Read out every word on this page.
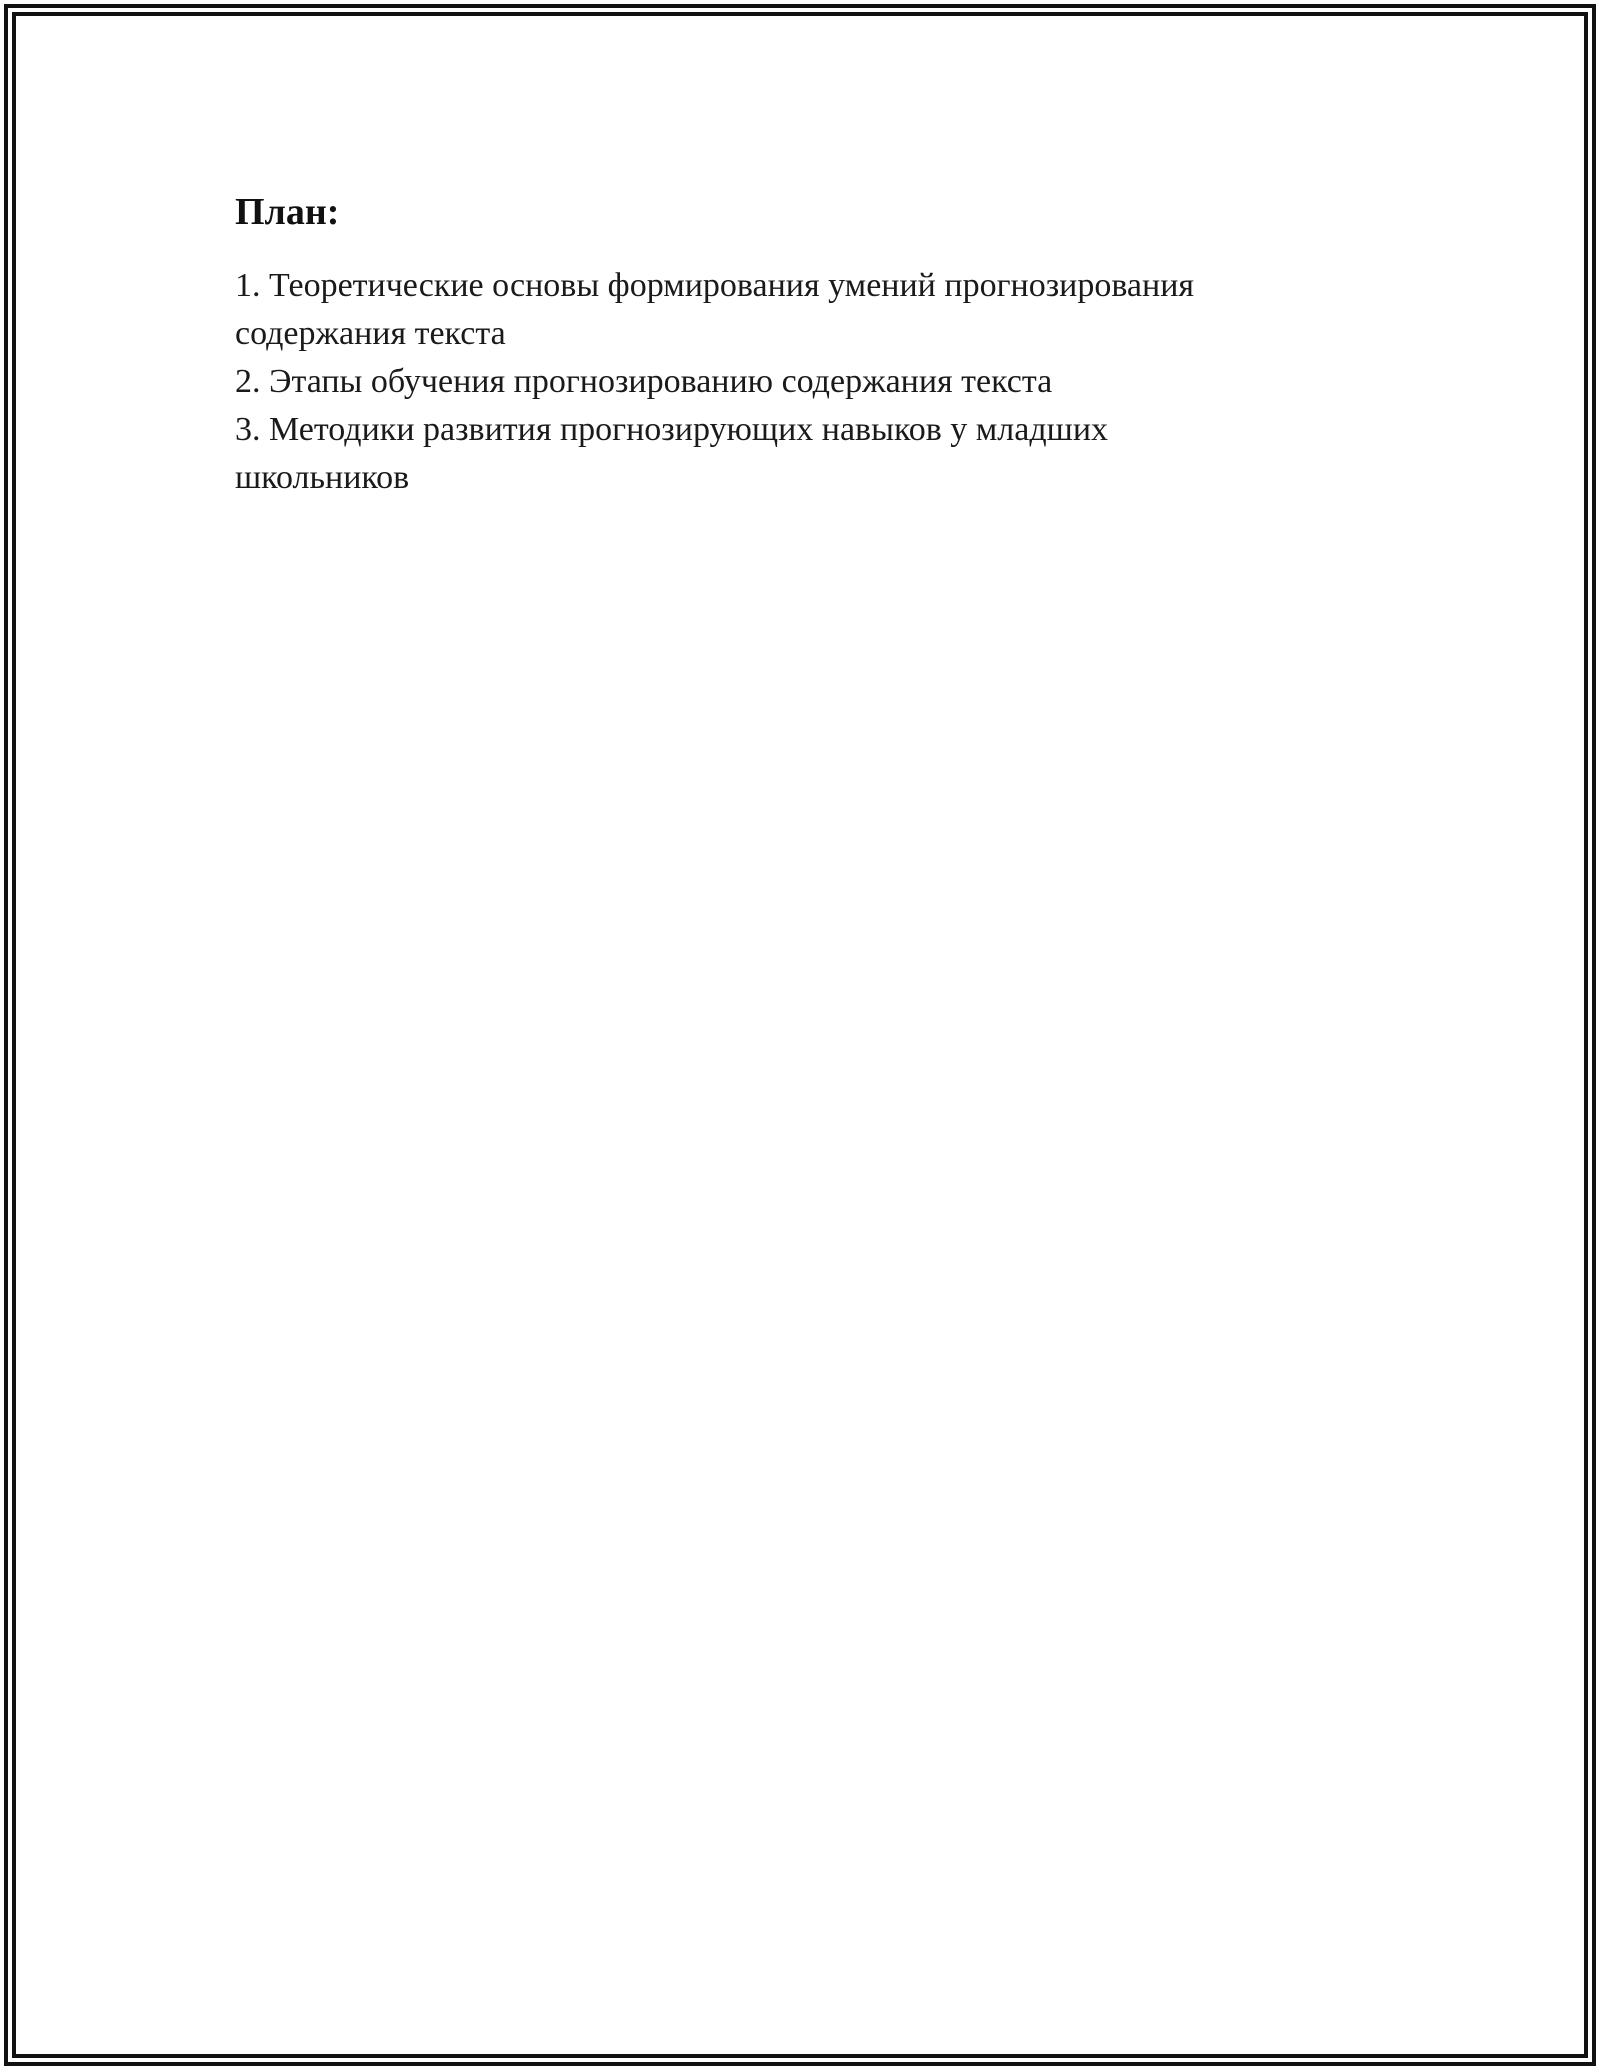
План:
1. Теоретические основы формирования умений прогнозирования
содержания текста
2. Этапы обучения прогнозированию содержания текста
3. Методики развития прогнозирующих навыков у младших
школьников
